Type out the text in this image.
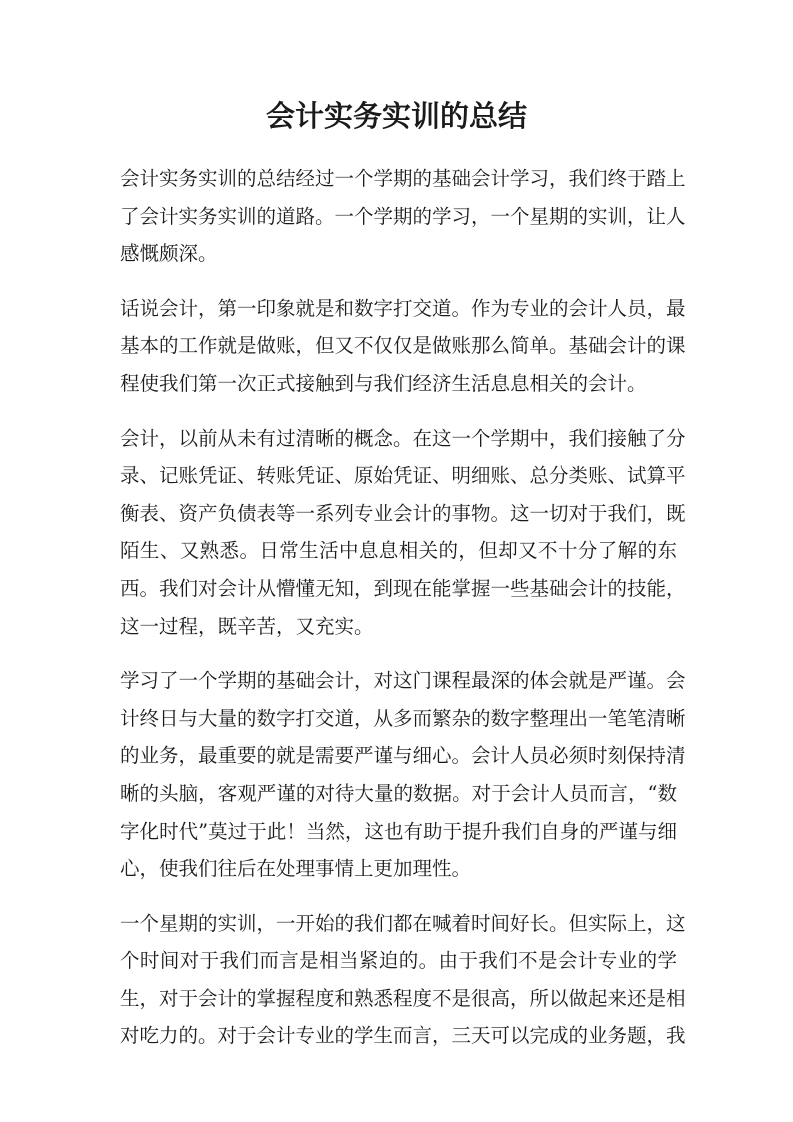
会计实务实训的总结

会计实务实训的总结经过一个学期的基础会计学习，我们终于踏上
了会计实务实训的道路。一个学期的学习，一个星期的实训，让人
感慨颇深。

话说会计，第一印象就是和数字打交道。作为专业的会计人员，最
基本的工作就是做账，但又不仅仅是做账那么简单。基础会计的课
程使我们第一次正式接触到与我们经济生活息息相关的会计。

会计，以前从未有过清晰的概念。在这一个学期中，我们接触了分
录、记账凭证、转账凭证、原始凭证、明细账、总分类账、试算平
衡表、资产负债表等一系列专业会计的事物。这一切对于我们，既
陌生、又熟悉。日常生活中息息相关的，但却又不十分了解的东
西。我们对会计从懵懂无知，到现在能掌握一些基础会计的技能，
这一过程，既辛苦，又充实。

学习了一个学期的基础会计，对这门课程最深的体会就是严谨。会
计终日与大量的数字打交道，从多而繁杂的数字整理出一笔笔清晰
的业务，最重要的就是需要严谨与细心。会计人员必须时刻保持清
晰的头脑，客观严谨的对待大量的数据。对于会计人员而言，“数
字化时代”莫过于此！当然，这也有助于提升我们自身的严谨与细
心，使我们往后在处理事情上更加理性。

一个星期的实训，一开始的我们都在喊着时间好长。但实际上，这
个时间对于我们而言是相当紧迫的。由于我们不是会计专业的学
生，对于会计的掌握程度和熟悉程度不是很高，所以做起来还是相
对吃力的。对于会计专业的学生而言，三天可以完成的业务题，我
